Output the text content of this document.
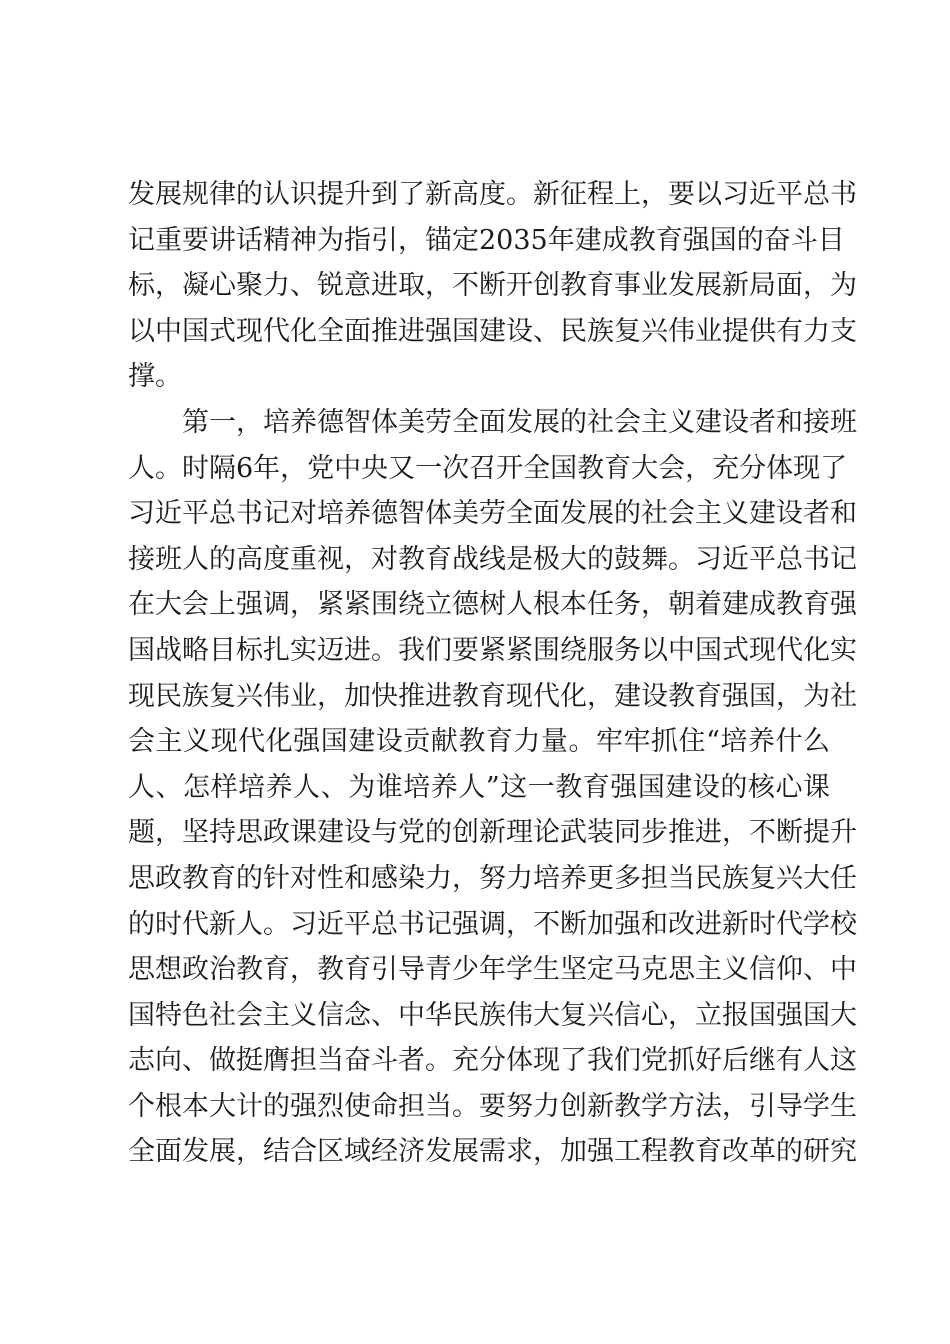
发展规律的认识提升到了新高度。新征程上，要以习近平总书
记重要讲话精神为指引，锚定2035年建成教育强国的奋斗目
标，凝心聚力、锐意进取，不断开创教育事业发展新局面，为
以中国式现代化全面推进强国建设、民族复兴伟业提供有力支
撑。
第一，培养德智体美劳全面发展的社会主义建设者和接班
人。时隔6年，党中央又一次召开全国教育大会，充分体现了
习近平总书记对培养德智体美劳全面发展的社会主义建设者和
接班人的高度重视，对教育战线是极大的鼓舞。习近平总书记
在大会上强调，紧紧围绕立德树人根本任务，朝着建成教育强
国战略目标扎实迈进。我们要紧紧围绕服务以中国式现代化实
现民族复兴伟业，加快推进教育现代化，建设教育强国，为社
会主义现代化强国建设贡献教育力量。牢牢抓住“培养什么
人、怎样培养人、为谁培养人”这一教育强国建设的核心课
题，坚持思政课建设与党的创新理论武装同步推进，不断提升
思政教育的针对性和感染力，努力培养更多担当民族复兴大任
的时代新人。习近平总书记强调，不断加强和改进新时代学校
思想政治教育，教育引导青少年学生坚定马克思主义信仰、中
国特色社会主义信念、中华民族伟大复兴信心，立报国强国大
志向、做挺膺担当奋斗者。充分体现了我们党抓好后继有人这
个根本大计的强烈使命担当。要努力创新教学方法，引导学生
全面发展，结合区域经济发展需求，加强工程教育改革的研究
